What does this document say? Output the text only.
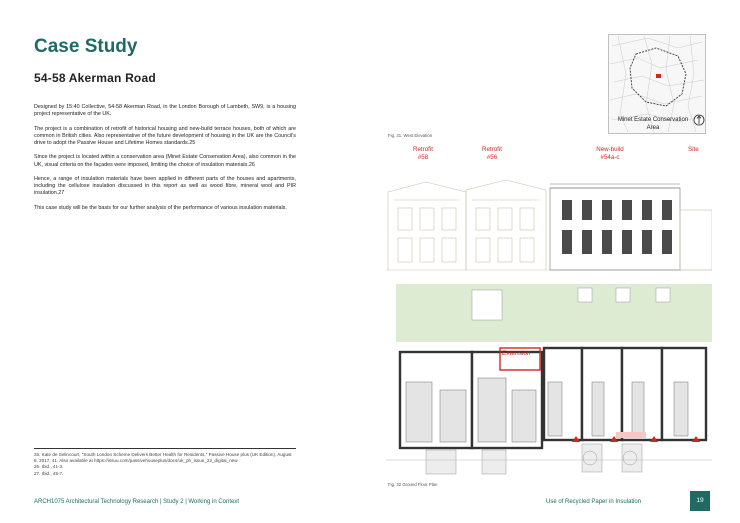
Case Study
54-58 Akerman Road

Designed by 15:40 Collective, 54-58 Akerman Road, in the London Borough of Lambeth, SW9, is a housing project representative of the UK.

The project is a combination of retrofit of historical housing and new-build terrace houses, both of which are common in British cities. Also representative of the future development of housing in the UK are the Council's drive to adopt the Passive House and Lifetime Homes standards.25

Since the project is located within a conservation area (Minet Estate Conservation Area), also common in the UK, visual criteria on the façades were imposed, limiting the choice of insulation materials.26

Hence, a range of insulation materials have been applied in different parts of the houses and apartments, including the cellulose insulation discussed in this report as well as wood fibre, mineral wool and PIR insulation.27

This case study will be the basis for our further analysis of the performance of various insulation materials.

25. Kate de Selincourt, "South London Scheme Delivers Better Health for Residents," Passive House plus (UK Edition), August 8, 2017, 41. Also available at https://issuu.com/passivehouseplus/docs/uk_ph_issue_22_digital_new

26. Ibid., 41-3.

27. Ibid., 45-7.

Minet Estate Conservation Area
Fig. 31. West Elevation
Retrofit
#58
Retrofit
#56
New-build
#54a-c
Site
Extension
Fig. 32 Ground Floor Plan
ARCH1075 Architectural Technology Research | Study 2 | Working in Context	Use of Recycled Paper in Insulation	19
